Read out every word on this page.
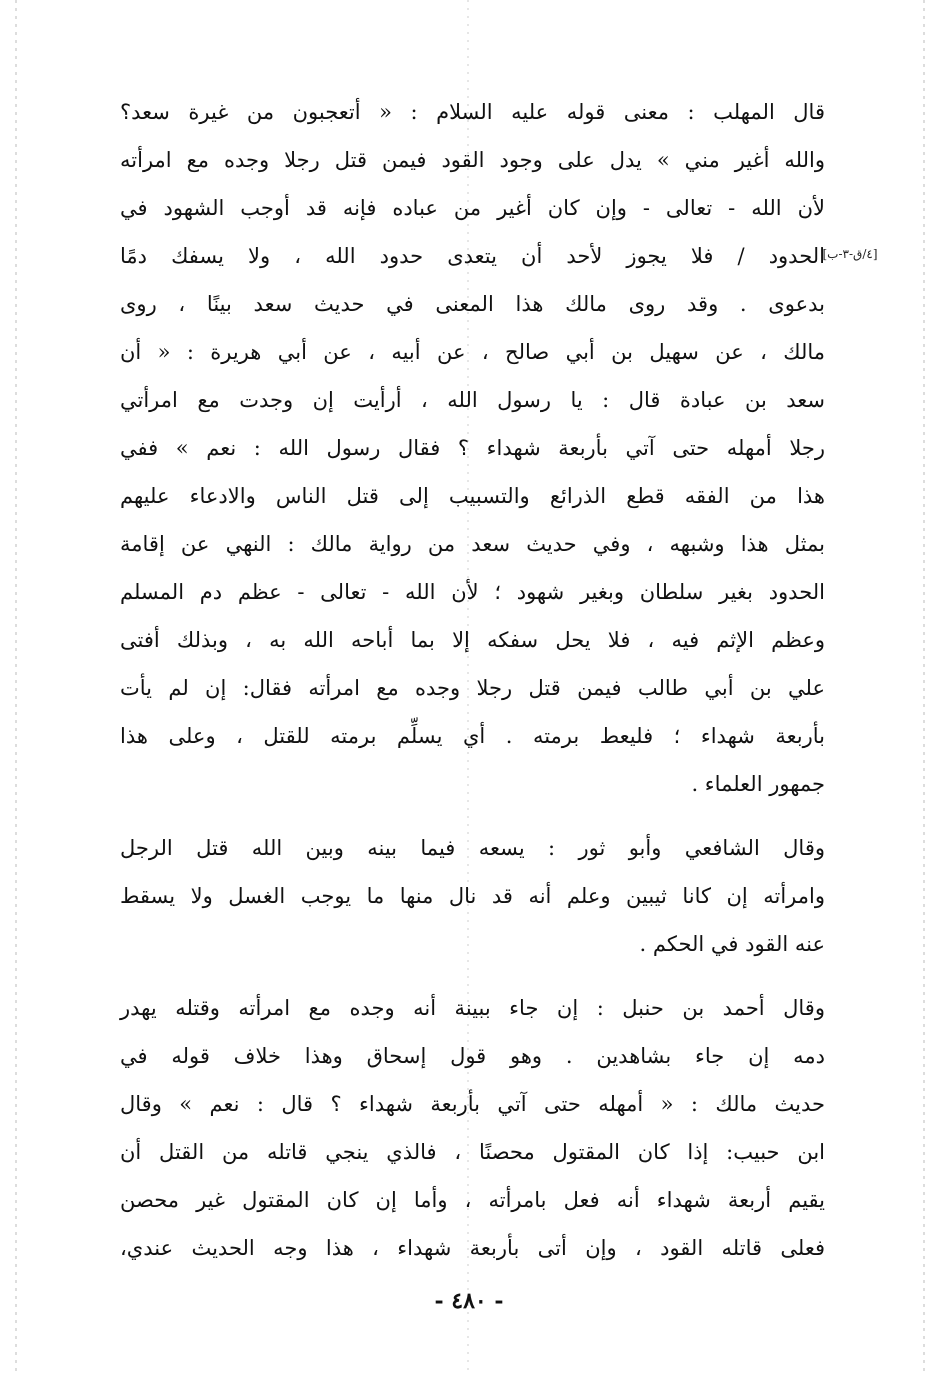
[٤/ق-٣-ب]
قال المهلب : معنى قوله عليه السلام : « أتعجبون من غيرة سعد؟
والله أغير مني » يدل على وجود القود فيمن قتل رجلا وجده مع امرأته
لأن الله - تعالى - وإن كان أغير من عباده فإنه قد أوجب الشهود في
الحدود / فلا يجوز لأحد أن يتعدى حدود الله ، ولا يسفك دمًا
بدعوى . وقد روى مالك هذا المعنى في حديث سعد بينًا ، روى
مالك ، عن سهيل بن أبي صالح ، عن أبيه ، عن أبي هريرة : « أن
سعد بن عبادة قال : يا رسول الله ، أرأيت إن وجدت مع امرأتي
رجلا أمهله حتى آتي بأربعة شهداء ؟ فقال رسول الله : نعم » ففي
هذا من الفقه قطع الذرائع والتسبيب إلى قتل الناس والادعاء عليهم
بمثل هذا وشبهه ، وفي حديث سعد من رواية مالك : النهي عن إقامة
الحدود بغير سلطان وبغير شهود ؛ لأن الله - تعالى - عظم دم المسلم
وعظم الإثم فيه ، فلا يحل سفكه إلا بما أباحه الله به ، وبذلك أفتى
علي بن أبي طالب فيمن قتل رجلا وجده مع امرأته فقال: إن لم يأت
بأربعة شهداء ؛ فليعط برمته . أي يسلِّم برمته للقتل ، وعلى هذا
جمهور العلماء .
وقال الشافعي وأبو ثور : يسعه فيما بينه وبين الله قتل الرجل
وامرأته إن كانا ثيبين وعلم أنه قد نال منها ما يوجب الغسل ولا يسقط
عنه القود في الحكم .
وقال أحمد بن حنبل : إن جاء ببينة أنه وجده مع امرأته وقتله يهدر
دمه إن جاء بشاهدين . وهو قول إسحاق وهذا خلاف قوله في
حديث مالك : « أمهله حتى آتي بأربعة شهداء ؟ قال : نعم » وقال
ابن حبيب: إذا كان المقتول محصنًا ، فالذي ينجي قاتله من القتل أن
يقيم أربعة شهداء أنه فعل بامرأته ، وأما إن كان المقتول غير محصن
فعلى قاتله القود ، وإن أتى بأربعة شهداء ، هذا وجه الحديث عندي،
- ٤٨٠ -
